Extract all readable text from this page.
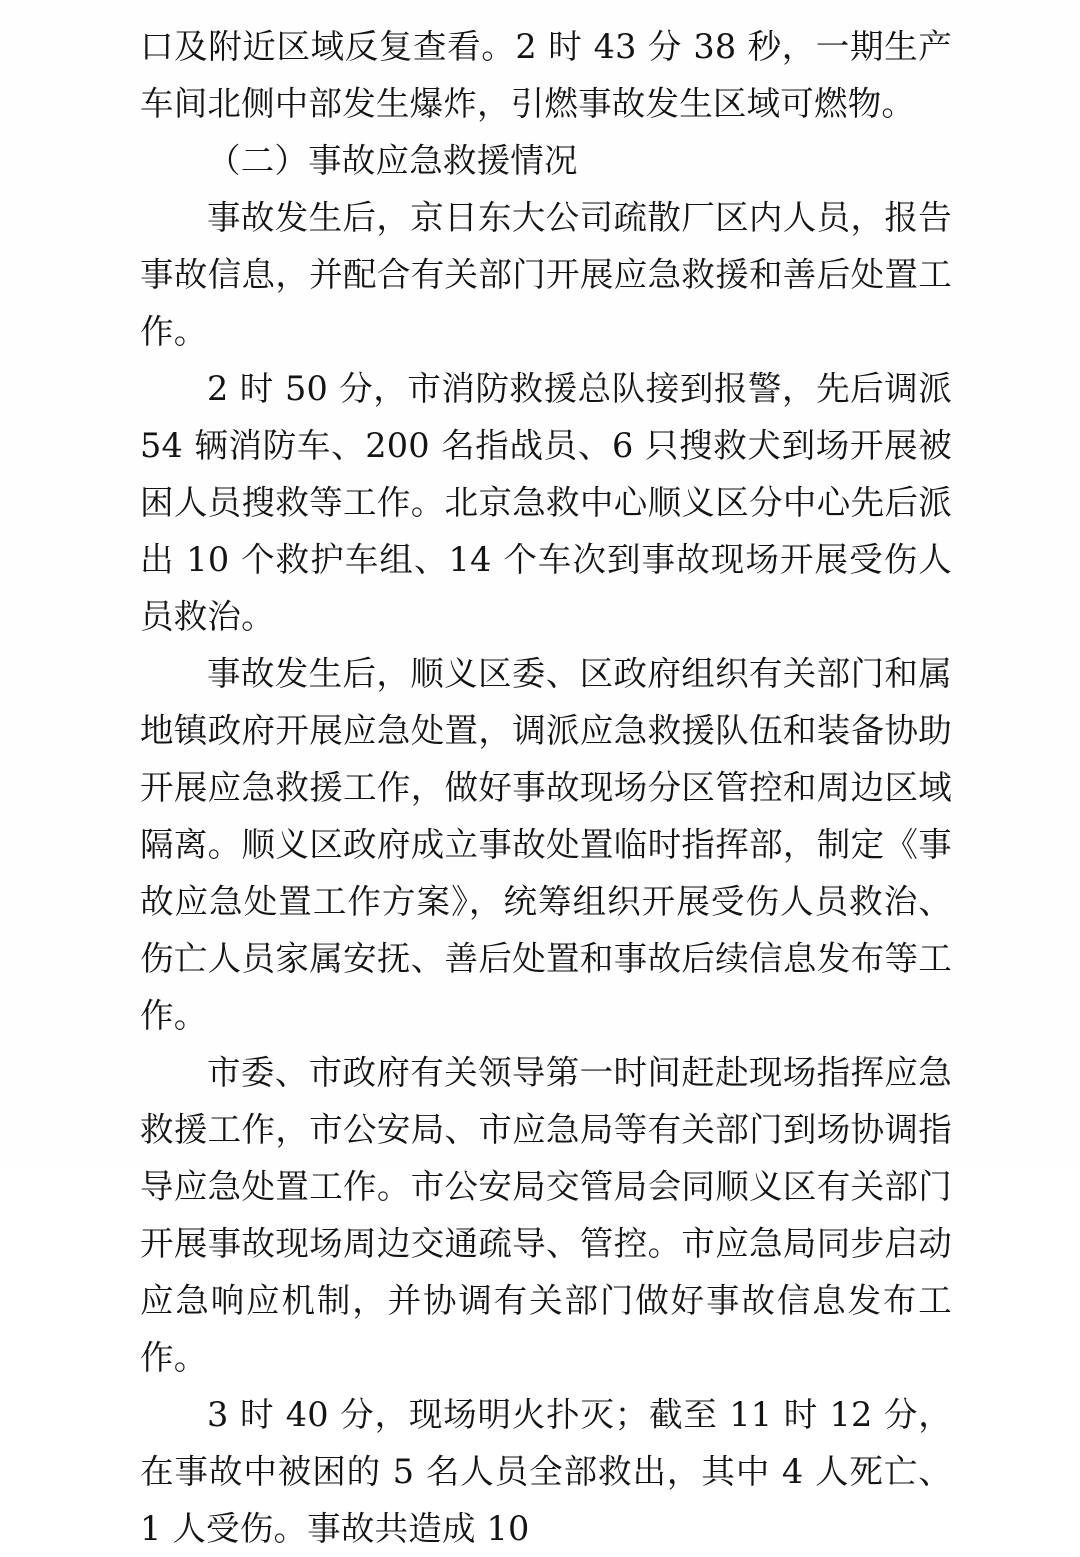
口及附近区域反复查看。2 时 43 分 38 秒，一期生产车间北侧中部发生爆炸，引燃事故发生区域可燃物。

（二）事故应急救援情况

事故发生后，京日东大公司疏散厂区内人员，报告事故信息，并配合有关部门开展应急救援和善后处置工作。

2 时 50 分，市消防救援总队接到报警，先后调派 54 辆消防车、200 名指战员、6 只搜救犬到场开展被困人员搜救等工作。北京急救中心顺义区分中心先后派出 10 个救护车组、14 个车次到事故现场开展受伤人员救治。

事故发生后，顺义区委、区政府组织有关部门和属地镇政府开展应急处置，调派应急救援队伍和装备协助开展应急救援工作，做好事故现场分区管控和周边区域隔离。顺义区政府成立事故处置临时指挥部，制定《事故应急处置工作方案》，统筹组织开展受伤人员救治、伤亡人员家属安抚、善后处置和事故后续信息发布等工作。

市委、市政府有关领导第一时间赶赴现场指挥应急救援工作，市公安局、市应急局等有关部门到场协调指导应急处置工作。市公安局交管局会同顺义区有关部门开展事故现场周边交通疏导、管控。市应急局同步启动应急响应机制，并协调有关部门做好事故信息发布工作。

3 时 40 分，现场明火扑灭；截至 11 时 12 分，在事故中被困的 5 名人员全部救出，其中 4 人死亡、1 人受伤。事故共造成 10
